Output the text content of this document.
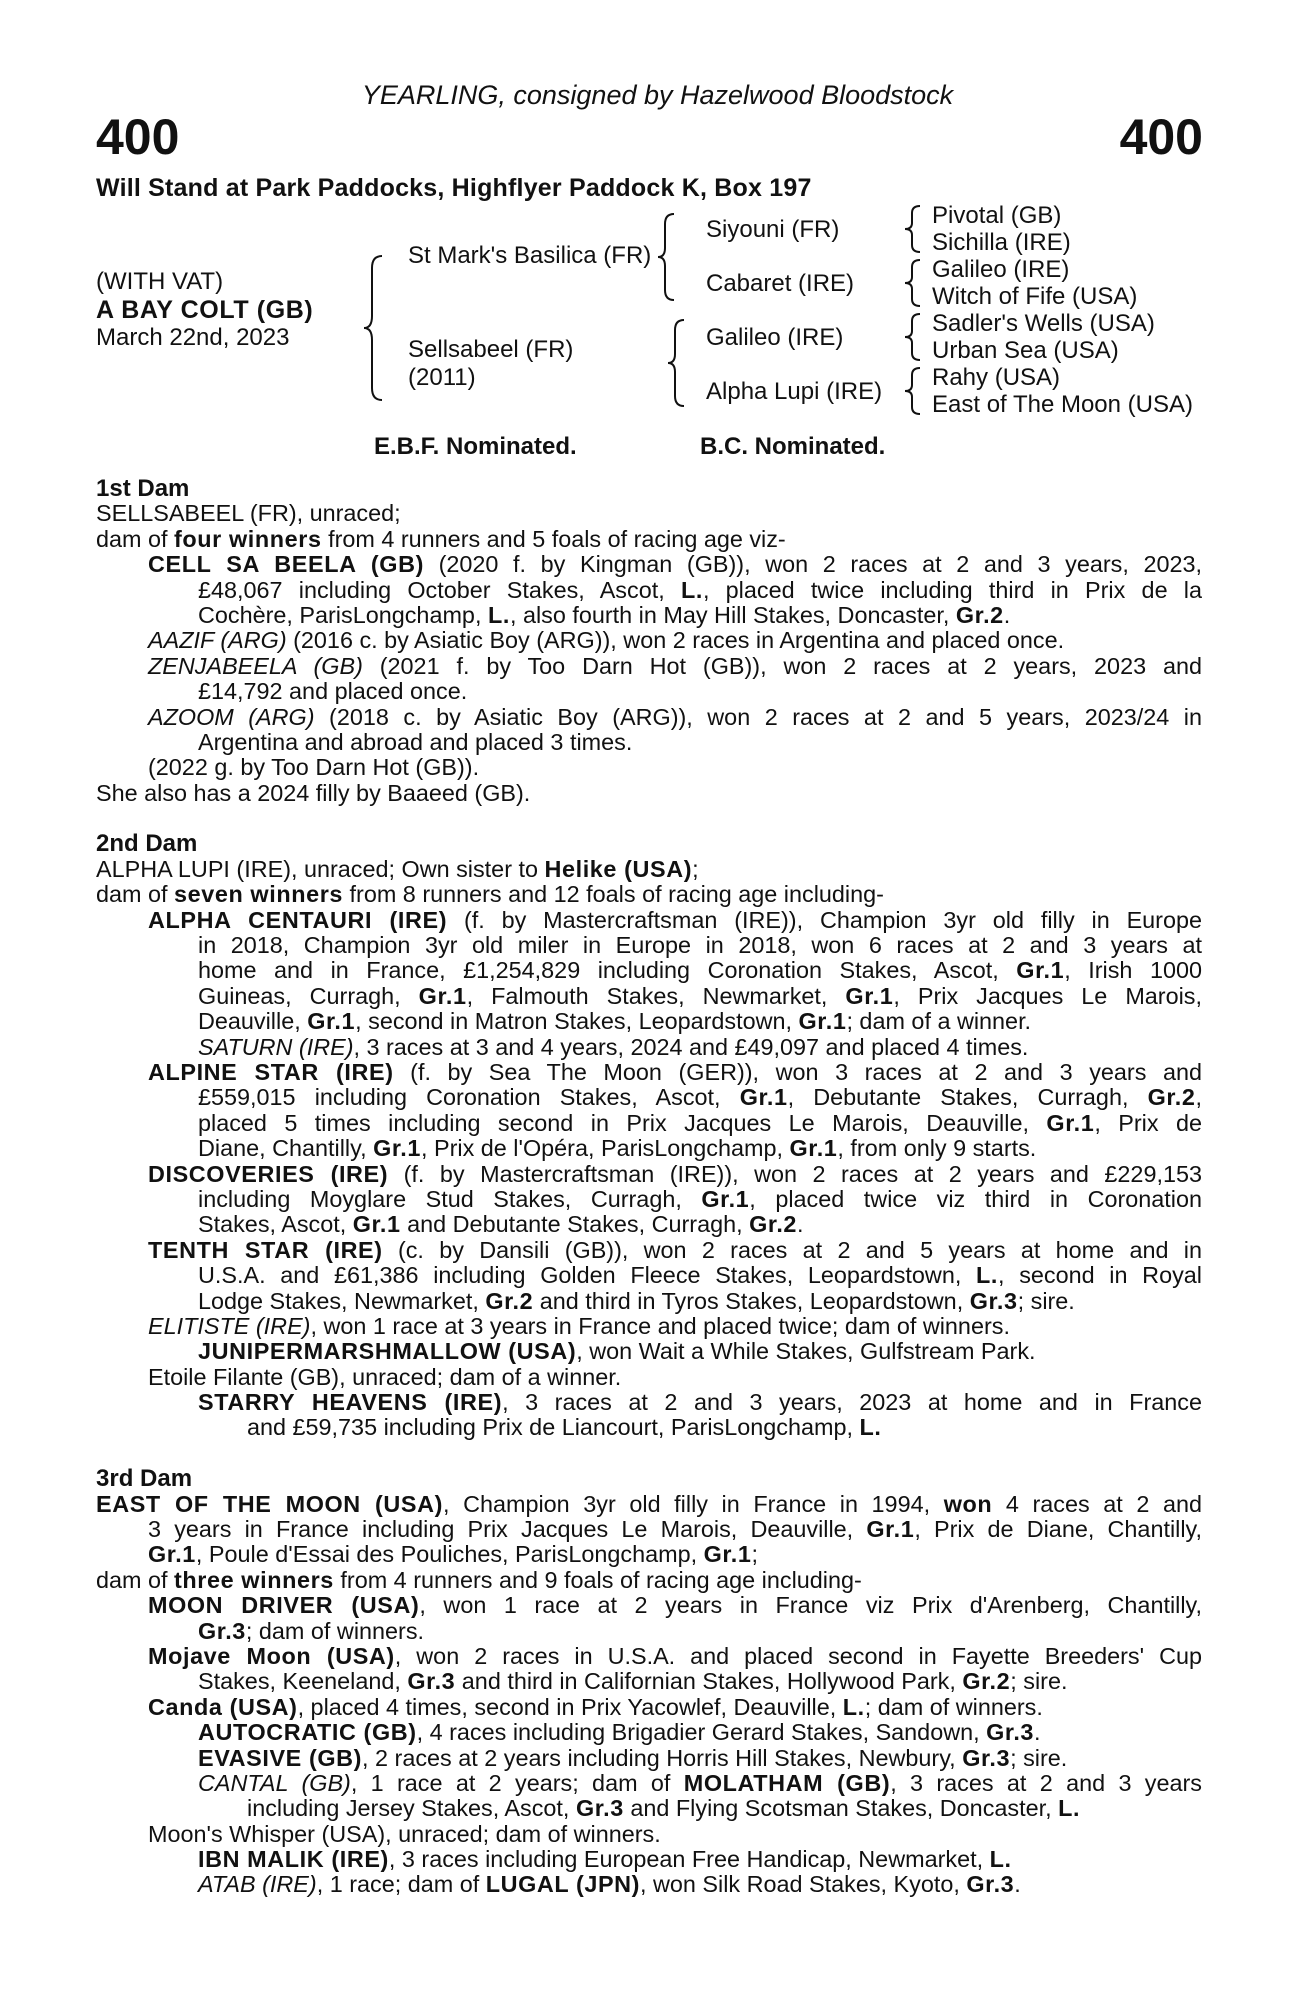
YEARLING, consigned by Hazelwood Bloodstock
400	400
Will Stand at Park Paddocks, Highflyer Paddock K, Box 197
(WITH VAT)
A BAY COLT (GB)
March 22nd, 2023
St Mark's Basilica (FR)
Sellsabeel (FR)
(2011)
Siyouni (FR)
Cabaret (IRE)
Galileo (IRE)
Alpha Lupi (IRE)
Pivotal (GB)
Sichilla (IRE)
Galileo (IRE)
Witch of Fife (USA)
Sadler's Wells (USA)
Urban Sea (USA)
Rahy (USA)
East of The Moon (USA)
E.B.F. Nominated.	B.C. Nominated.
1st Dam
SELLSABEEL (FR), unraced;
dam of four winners from 4 runners and 5 foals of racing age viz-
CELL SA BEELA (GB) (2020 f. by Kingman (GB)), won 2 races at 2 and 3 years, 2023,
£48,067 including October Stakes, Ascot, L., placed twice including third in Prix de la
Cochère, ParisLongchamp, L., also fourth in May Hill Stakes, Doncaster, Gr.2.
AAZIF (ARG) (2016 c. by Asiatic Boy (ARG)), won 2 races in Argentina and placed once.
ZENJABEELA (GB) (2021 f. by Too Darn Hot (GB)), won 2 races at 2 years, 2023 and
£14,792 and placed once.
AZOOM (ARG) (2018 c. by Asiatic Boy (ARG)), won 2 races at 2 and 5 years, 2023/24 in
Argentina and abroad and placed 3 times.
(2022 g. by Too Darn Hot (GB)).
She also has a 2024 filly by Baaeed (GB).
2nd Dam
ALPHA LUPI (IRE), unraced; Own sister to Helike (USA);
dam of seven winners from 8 runners and 12 foals of racing age including-
ALPHA CENTAURI (IRE) (f. by Mastercraftsman (IRE)), Champion 3yr old filly in Europe
in 2018, Champion 3yr old miler in Europe in 2018, won 6 races at 2 and 3 years at
home and in France, £1,254,829 including Coronation Stakes, Ascot, Gr.1, Irish 1000
Guineas, Curragh, Gr.1, Falmouth Stakes, Newmarket, Gr.1, Prix Jacques Le Marois,
Deauville, Gr.1, second in Matron Stakes, Leopardstown, Gr.1; dam of a winner.
SATURN (IRE), 3 races at 3 and 4 years, 2024 and £49,097 and placed 4 times.
ALPINE STAR (IRE) (f. by Sea The Moon (GER)), won 3 races at 2 and 3 years and
£559,015 including Coronation Stakes, Ascot, Gr.1, Debutante Stakes, Curragh, Gr.2,
placed 5 times including second in Prix Jacques Le Marois, Deauville, Gr.1, Prix de
Diane, Chantilly, Gr.1, Prix de l'Opéra, ParisLongchamp, Gr.1, from only 9 starts.
DISCOVERIES (IRE) (f. by Mastercraftsman (IRE)), won 2 races at 2 years and £229,153
including Moyglare Stud Stakes, Curragh, Gr.1, placed twice viz third in Coronation
Stakes, Ascot, Gr.1 and Debutante Stakes, Curragh, Gr.2.
TENTH STAR (IRE) (c. by Dansili (GB)), won 2 races at 2 and 5 years at home and in
U.S.A. and £61,386 including Golden Fleece Stakes, Leopardstown, L., second in Royal
Lodge Stakes, Newmarket, Gr.2 and third in Tyros Stakes, Leopardstown, Gr.3; sire.
ELITISTE (IRE), won 1 race at 3 years in France and placed twice; dam of winners.
JUNIPERMARSHMALLOW (USA), won Wait a While Stakes, Gulfstream Park.
Etoile Filante (GB), unraced; dam of a winner.
STARRY HEAVENS (IRE), 3 races at 2 and 3 years, 2023 at home and in France
and £59,735 including Prix de Liancourt, ParisLongchamp, L.
3rd Dam
EAST OF THE MOON (USA), Champion 3yr old filly in France in 1994, won 4 races at 2 and
3 years in France including Prix Jacques Le Marois, Deauville, Gr.1, Prix de Diane, Chantilly,
Gr.1, Poule d'Essai des Pouliches, ParisLongchamp, Gr.1;
dam of three winners from 4 runners and 9 foals of racing age including-
MOON DRIVER (USA), won 1 race at 2 years in France viz Prix d'Arenberg, Chantilly,
Gr.3; dam of winners.
Mojave Moon (USA), won 2 races in U.S.A. and placed second in Fayette Breeders' Cup
Stakes, Keeneland, Gr.3 and third in Californian Stakes, Hollywood Park, Gr.2; sire.
Canda (USA), placed 4 times, second in Prix Yacowlef, Deauville, L.; dam of winners.
AUTOCRATIC (GB), 4 races including Brigadier Gerard Stakes, Sandown, Gr.3.
EVASIVE (GB), 2 races at 2 years including Horris Hill Stakes, Newbury, Gr.3; sire.
CANTAL (GB), 1 race at 2 years; dam of MOLATHAM (GB), 3 races at 2 and 3 years
including Jersey Stakes, Ascot, Gr.3 and Flying Scotsman Stakes, Doncaster, L.
Moon's Whisper (USA), unraced; dam of winners.
IBN MALIK (IRE), 3 races including European Free Handicap, Newmarket, L.
ATAB (IRE), 1 race; dam of LUGAL (JPN), won Silk Road Stakes, Kyoto, Gr.3.
